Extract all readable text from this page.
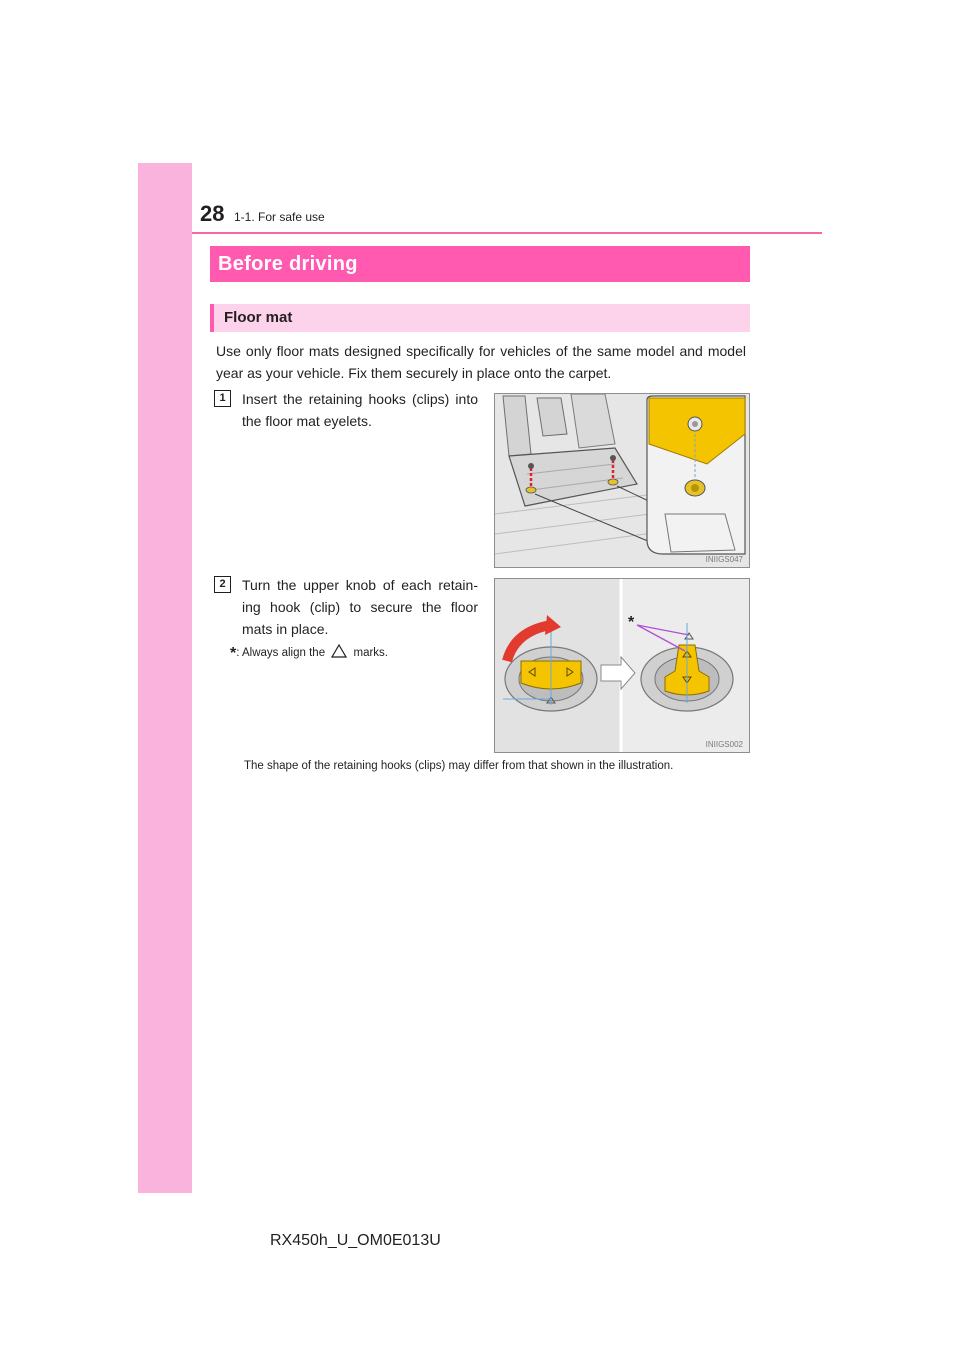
28 1-1. For safe use
Before driving
Floor mat
Use only floor mats designed specifically for vehicles of the same model and model year as your vehicle. Fix them securely in place onto the carpet.
1	Insert the retaining hooks (clips) into the floor mat eyelets.
INIIGS047
2	Turn the upper knob of each retain-ing hook (clip) to secure the floor mats in place.
*: Always align the marks.
*
INIIGS002
The shape of the retaining hooks (clips) may differ from that shown in the illustration.
RX450h_U_OM0E013U
